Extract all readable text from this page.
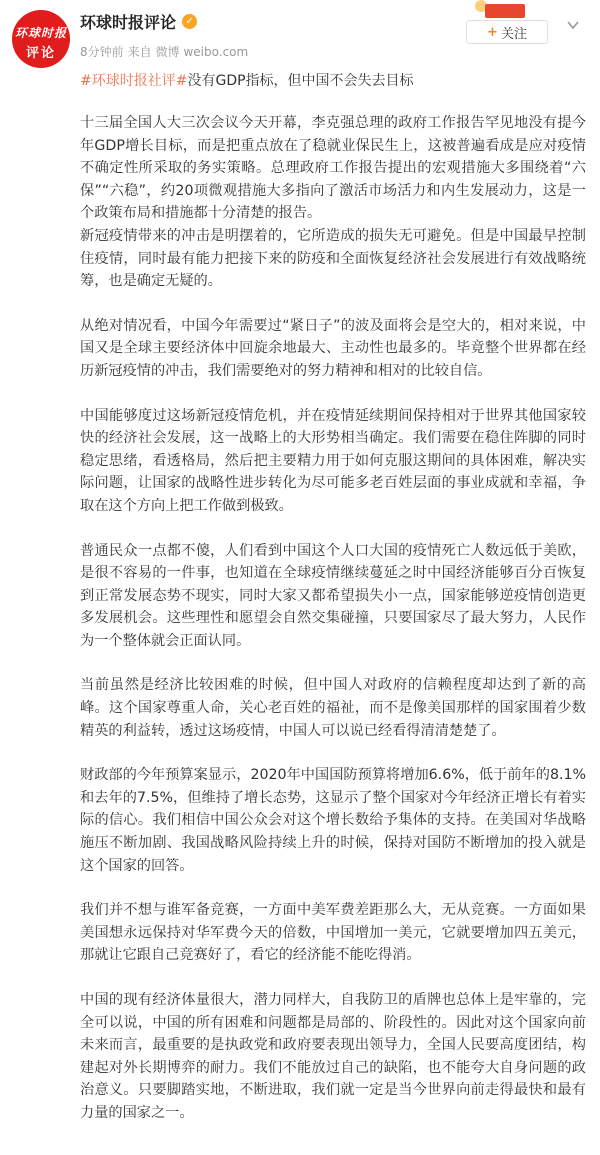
环球时报
评论
环球时报评论 ✓
8分钟前 来自 微博 weibo.com
+ 关注
#环球时报社评# 没有GDP指标，但中国不会失去目标

十三届全国人大三次会议今天开幕，李克强总理的政府工作报告罕见地没有提今年GDP增长目标，而是把重点放在了稳就业保民生上，这被普遍看成是应对疫情不确定性所采取的务实策略。总理政府工作报告提出的宏观措施大多围绕着“六保”“六稳”，约20项微观措施大多指向了激活市场活力和内生发展动力，这是一个政策布局和措施都十分清楚的报告。

新冠疫情带来的冲击是明摆着的，它所造成的损失无可避免。但是中国最早控制住疫情，同时最有能力把接下来的防疫和全面恢复经济社会发展进行有效战略统筹，也是确定无疑的。

从绝对情况看，中国今年需要过“紧日子”的波及面将会是空大的，相对来说，中国又是全球主要经济体中回旋余地最大、主动性也最多的。毕竟整个世界都在经历新冠疫情的冲击，我们需要绝对的努力精神和相对的比较自信。

中国能够度过这场新冠疫情危机，并在疫情延续期间保持相对于世界其他国家较快的经济社会发展，这一战略上的大形势相当确定。我们需要在稳住阵脚的同时稳定思绪，看透格局，然后把主要精力用于如何克服这期间的具体困难，解决实际问题，让国家的战略性进步转化为尽可能多老百姓层面的事业成就和幸福，争取在这个方向上把工作做到极致。

普通民众一点都不傻，人们看到中国这个人口大国的疫情死亡人数远低于美欧，是很不容易的一件事，也知道在全球疫情继续蔓延之时中国经济能够百分百恢复到正常发展态势不现实，同时大家又都希望损失小一点，国家能够逆疫情创造更多发展机会。这些理性和愿望会自然交集碰撞，只要国家尽了最大努力，人民作为一个整体就会正面认同。

当前虽然是经济比较困难的时候，但中国人对政府的信赖程度却达到了新的高峰。这个国家尊重人命，关心老百姓的福祉，而不是像美国那样的国家围着少数精英的利益转，透过这场疫情，中国人可以说已经看得清清楚楚了。

财政部的今年预算案显示，2020年中国国防预算将增加6.6%，低于前年的8.1%和去年的7.5%，但维持了增长态势，这显示了整个国家对今年经济正增长有着实际的信心。我们相信中国公众会对这个增长数给予集体的支持。在美国对华战略施压不断加剧、我国战略风险持续上升的时候，保持对国防不断增加的投入就是这个国家的回答。

我们并不想与谁军备竞赛，一方面中美军费差距那么大，无从竞赛。一方面如果美国想永远保持对华军费今天的倍数，中国增加一美元，它就要增加四五美元，那就让它跟自己竞赛好了，看它的经济能不能吃得消。

中国的现有经济体量很大，潜力同样大，自我防卫的盾牌也总体上是牢靠的，完全可以说，中国的所有困难和问题都是局部的、阶段性的。因此对这个国家向前未来而言，最重要的是执政党和政府要表现出领导力，全国人民要高度团结，构建起对外长期博弈的耐力。我们不能放过自己的缺陷，也不能夸大自身问题的政治意义。只要脚踏实地，不断进取，我们就一定是当今世界向前走得最快和最有力量的国家之一。
